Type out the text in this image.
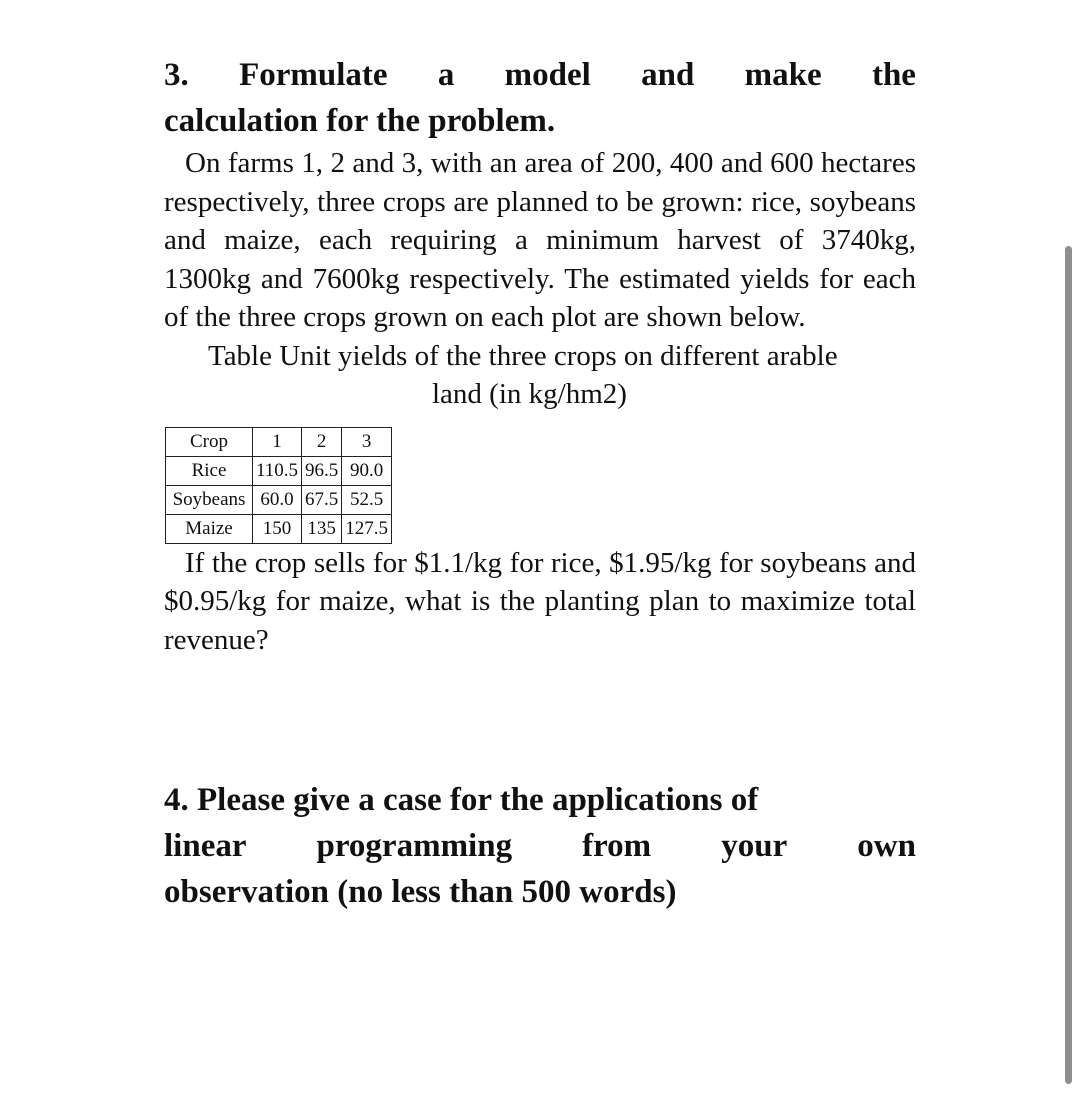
3. Formulate a model and make the
calculation for the problem.

On farms 1, 2 and 3, with an area of 200, 400 and 600 hectares respectively, three crops are planned to be grown: rice, soybeans and maize, each requiring a minimum harvest of 3740kg, 1300kg and 7600kg respectively. The estimated yields for each of the three crops grown on each plot are shown below.

Table Unit yields of the three crops on different arable
land (in kg/hm2)
Crop	1	2	3
Rice	110.5	96.5	90.0
Soybeans	60.0	67.5	52.5
Maize	150	135	127.5

If the crop sells for $1.1/kg for rice, $1.95/kg for soybeans and $0.95/kg for maize, what is the planting plan to maximize total revenue?

4. Please give a case for the applications of
linear programming from your own
observation (no less than 500 words)
